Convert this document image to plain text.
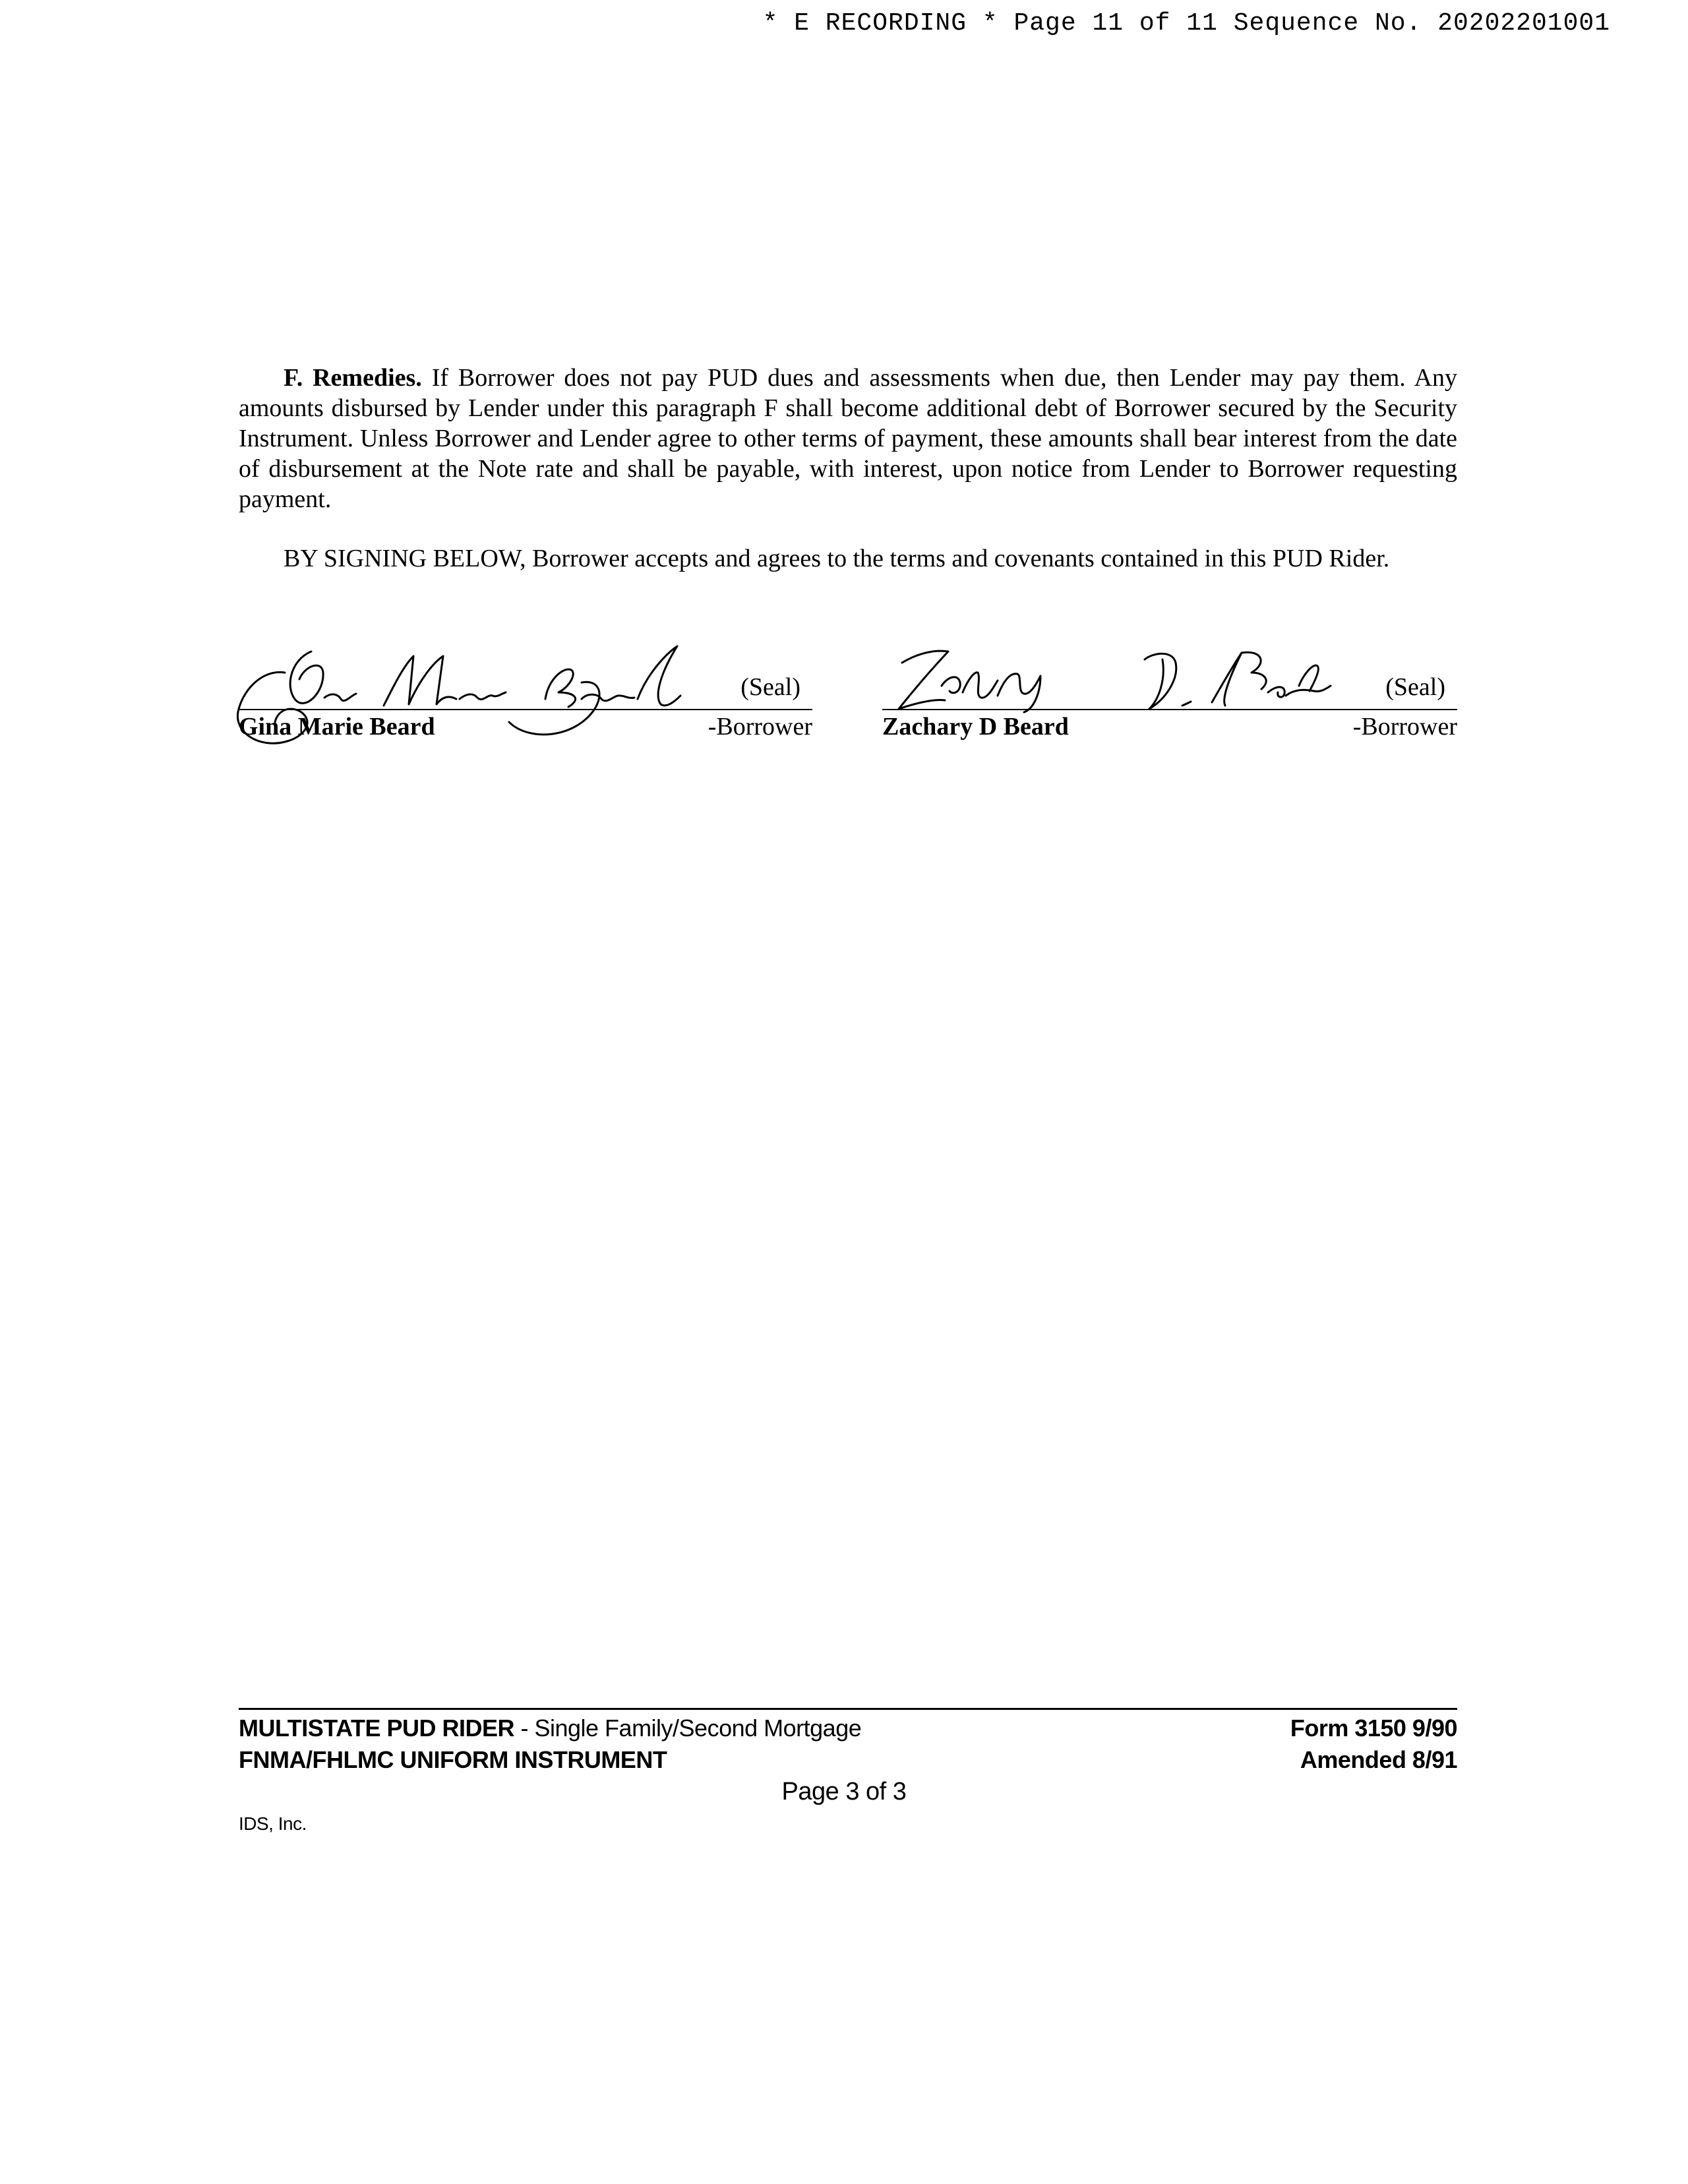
* E RECORDING * Page 11 of 11 Sequence No. 20202201001
F. Remedies. If Borrower does not pay PUD dues and assessments when due, then Lender may pay them. Any amounts disbursed by Lender under this paragraph F shall become additional debt of Borrower secured by the Security Instrument. Unless Borrower and Lender agree to other terms of payment, these amounts shall bear interest from the date of disbursement at the Note rate and shall be payable, with interest, upon notice from Lender to Borrower requesting payment.
BY SIGNING BELOW, Borrower accepts and agrees to the terms and covenants contained in this PUD Rider.
(Seal)
Gina Marie Beard	-Borrower
(Seal)
Zachary D Beard	-Borrower
MULTISTATE PUD RIDER - Single Family/Second Mortgage
FNMA/FHLMC UNIFORM INSTRUMENT
Form 3150 9/90
Amended 8/91
Page 3 of 3
IDS, Inc.
